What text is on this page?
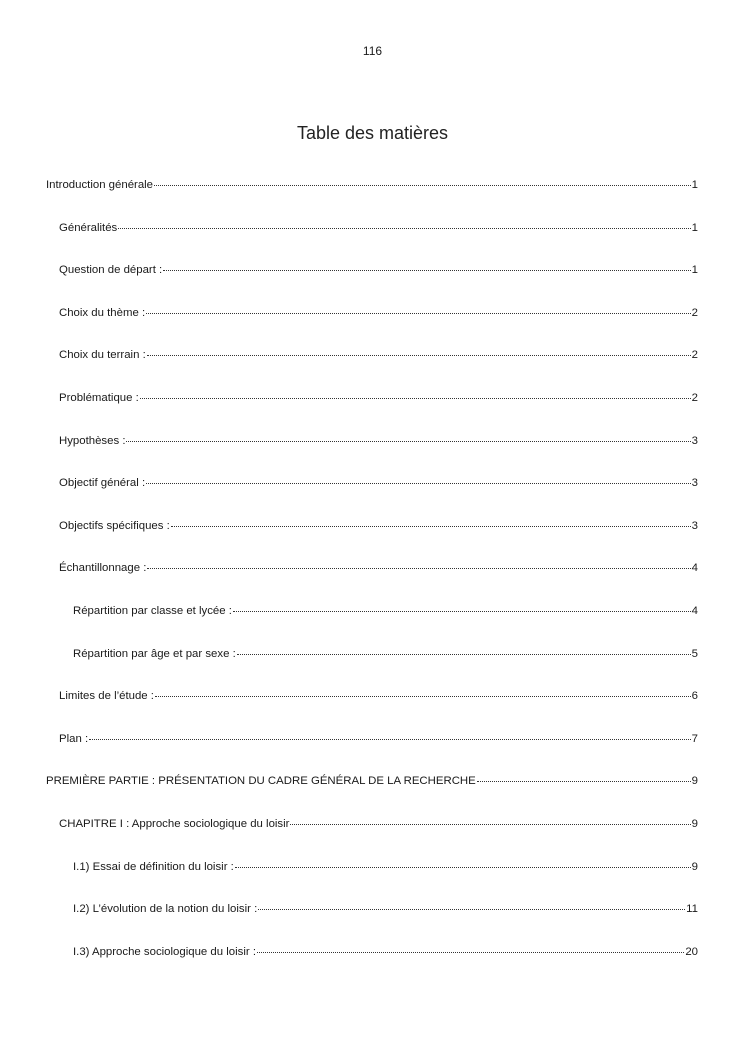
116
Table des matières
Introduction générale	1
Généralités	1
Question de départ :	1
Choix du thème :	2
Choix du terrain :	2
Problématique :	2
Hypothèses :	3
Objectif général :	3
Objectifs spécifiques :	3
Échantillonnage :	4
Répartition par classe et lycée :	4
Répartition par âge et par sexe :	5
Limites de l’étude :	6
Plan :	7
PREMIÈRE PARTIE : PRÉSENTATION DU CADRE GÉNÉRAL DE LA RECHERCHE	9
CHAPITRE I : Approche sociologique du loisir	9
I.1) Essai de définition du loisir :	9
I.2) L’évolution de la notion du loisir :	11
I.3) Approche sociologique du loisir :	20
